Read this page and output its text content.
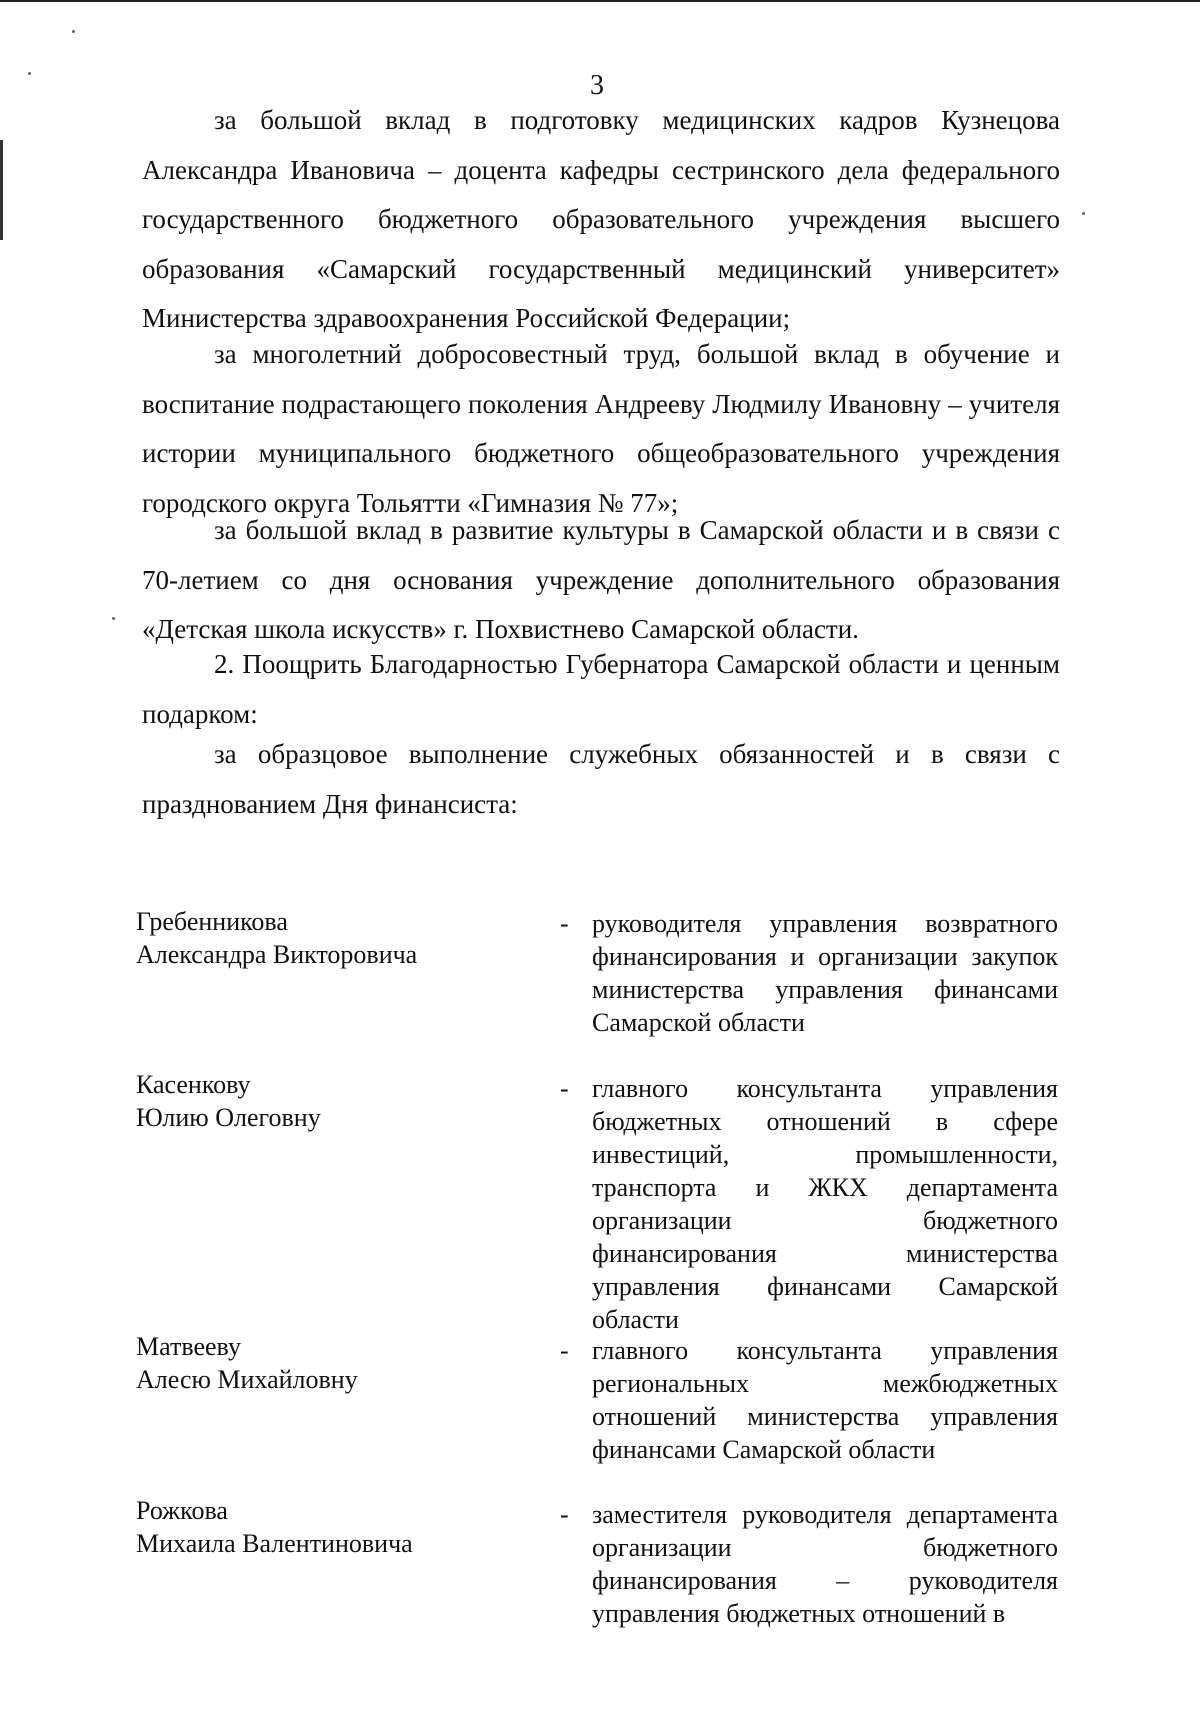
3

за большой вклад в подготовку медицинских кадров Кузнецова Александра Ивановича – доцента кафедры сестринского дела федерального государственного бюджетного образовательного учреждения высшего образования «Самарский государственный медицинский университет» Министерства здравоохранения Российской Федерации;

за многолетний добросовестный труд, большой вклад в обучение и воспитание подрастающего поколения Андрееву Людмилу Ивановну – учителя истории муниципального бюджетного общеобразовательного учреждения городского округа Тольятти «Гимназия № 77»;

за большой вклад в развитие культуры в Самарской области и в связи с 70-летием со дня основания учреждение дополнительного образования «Детская школа искусств» г. Похвистнево Самарской области.

2. Поощрить Благодарностью Губернатора Самарской области и ценным подарком:

за образцовое выполнение служебных обязанностей и в связи с празднованием Дня финансиста:

Гребенникова
Александра Викторовича

- руководителя управления возвратного финансирования и организации закупок министерства управления финансами Самарской области

Касенкову
Юлию Олеговну

- главного консультанта управления бюджетных отношений в сфере инвестиций, промышленности, транспорта и ЖКХ департамента организации бюджетного финансирования министерства управления финансами Самарской области

Матвееву
Алесю Михайловну

- главного консультанта управления региональных межбюджетных отношений министерства управления финансами Самарской области

Рожкова
Михаила Валентиновича

- заместителя руководителя департамента организации бюджетного финансирования – руководителя управления бюджетных отношений в
